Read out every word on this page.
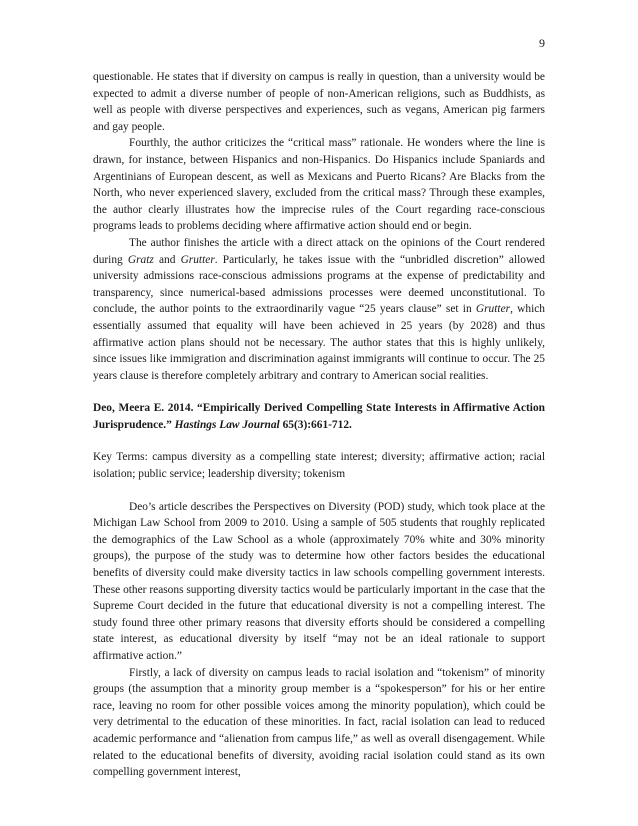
9

questionable. He states that if diversity on campus is really in question, than a university would be expected to admit a diverse number of people of non-American religions, such as Buddhists, as well as people with diverse perspectives and experiences, such as vegans, American pig farmers and gay people.

Fourthly, the author criticizes the “critical mass” rationale. He wonders where the line is drawn, for instance, between Hispanics and non-Hispanics. Do Hispanics include Spaniards and Argentinians of European descent, as well as Mexicans and Puerto Ricans? Are Blacks from the North, who never experienced slavery, excluded from the critical mass? Through these examples, the author clearly illustrates how the imprecise rules of the Court regarding race-conscious programs leads to problems deciding where affirmative action should end or begin.

The author finishes the article with a direct attack on the opinions of the Court rendered during Gratz and Grutter. Particularly, he takes issue with the “unbridled discretion” allowed university admissions race-conscious admissions programs at the expense of predictability and transparency, since numerical-based admissions processes were deemed unconstitutional. To conclude, the author points to the extraordinarily vague “25 years clause” set in Grutter, which essentially assumed that equality will have been achieved in 25 years (by 2028) and thus affirmative action plans should not be necessary. The author states that this is highly unlikely, since issues like immigration and discrimination against immigrants will continue to occur. The 25 years clause is therefore completely arbitrary and contrary to American social realities.

Deo, Meera E. 2014. “Empirically Derived Compelling State Interests in Affirmative Action Jurisprudence.” Hastings Law Journal 65(3):661-712.

Key Terms: campus diversity as a compelling state interest; diversity; affirmative action; racial isolation; public service; leadership diversity; tokenism

Deo’s article describes the Perspectives on Diversity (POD) study, which took place at the Michigan Law School from 2009 to 2010. Using a sample of 505 students that roughly replicated the demographics of the Law School as a whole (approximately 70% white and 30% minority groups), the purpose of the study was to determine how other factors besides the educational benefits of diversity could make diversity tactics in law schools compelling government interests. These other reasons supporting diversity tactics would be particularly important in the case that the Supreme Court decided in the future that educational diversity is not a compelling interest. The study found three other primary reasons that diversity efforts should be considered a compelling state interest, as educational diversity by itself “may not be an ideal rationale to support affirmative action.”

Firstly, a lack of diversity on campus leads to racial isolation and “tokenism” of minority groups (the assumption that a minority group member is a “spokesperson” for his or her entire race, leaving no room for other possible voices among the minority population), which could be very detrimental to the education of these minorities. In fact, racial isolation can lead to reduced academic performance and “alienation from campus life,” as well as overall disengagement. While related to the educational benefits of diversity, avoiding racial isolation could stand as its own compelling government interest,
